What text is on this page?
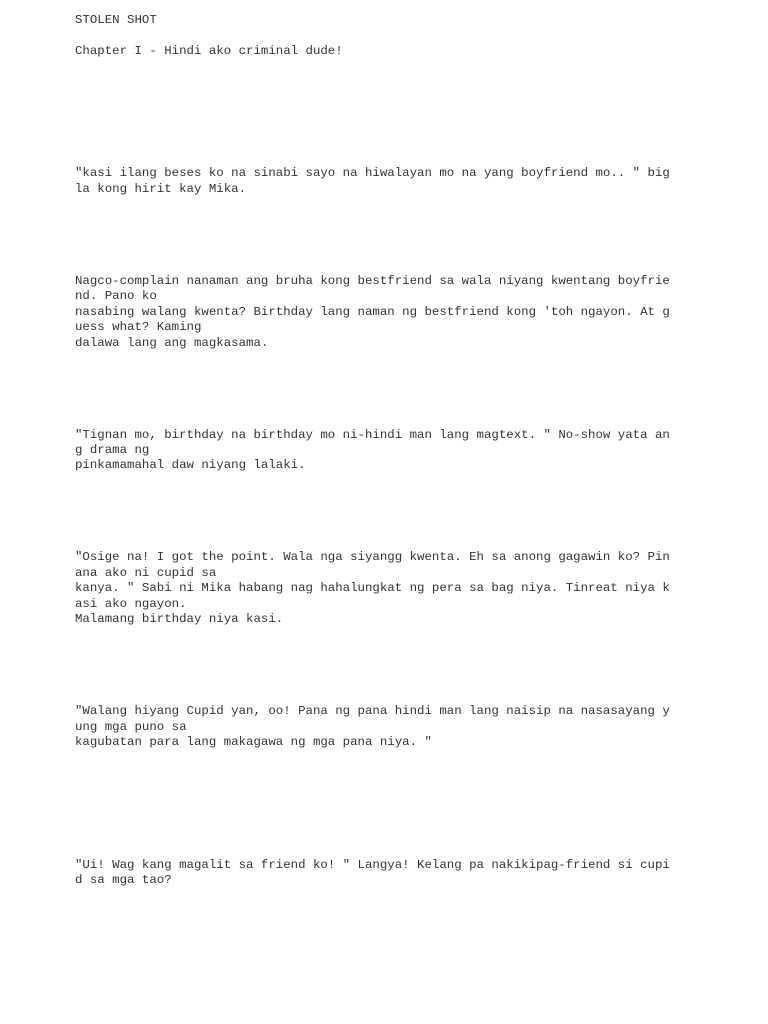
STOLEN SHOT

Chapter I - Hindi ako criminal dude!

"kasi ilang beses ko na sinabi sayo na hiwalayan mo na yang boyfriend mo.. " big

la kong hirit kay Mika.

Nagco-complain nanaman ang bruha kong bestfriend sa wala niyang kwentang boyfrie

nd. Pano ko

nasabing walang kwenta? Birthday lang naman ng bestfriend kong 'toh ngayon. At g

uess what? Kaming

dalawa lang ang magkasama.

"Tignan mo, birthday na birthday mo ni-hindi man lang magtext. " No-show yata an

g drama ng

pinkamamahal daw niyang lalaki.

"Osige na! I got the point. Wala nga siyangg kwenta. Eh sa anong gagawin ko? Pin

ana ako ni cupid sa

kanya. " Sabi ni Mika habang nag hahalungkat ng pera sa bag niya. Tinreat niya k

asi ako ngayon.

Malamang birthday niya kasi.

"Walang hiyang Cupid yan, oo! Pana ng pana hindi man lang naisip na nasasayang y

ung mga puno sa

kagubatan para lang makagawa ng mga pana niya. "

"Ui! Wag kang magalit sa friend ko! " Langya! Kelang pa nakikipag-friend si cupi

d sa mga tao?
